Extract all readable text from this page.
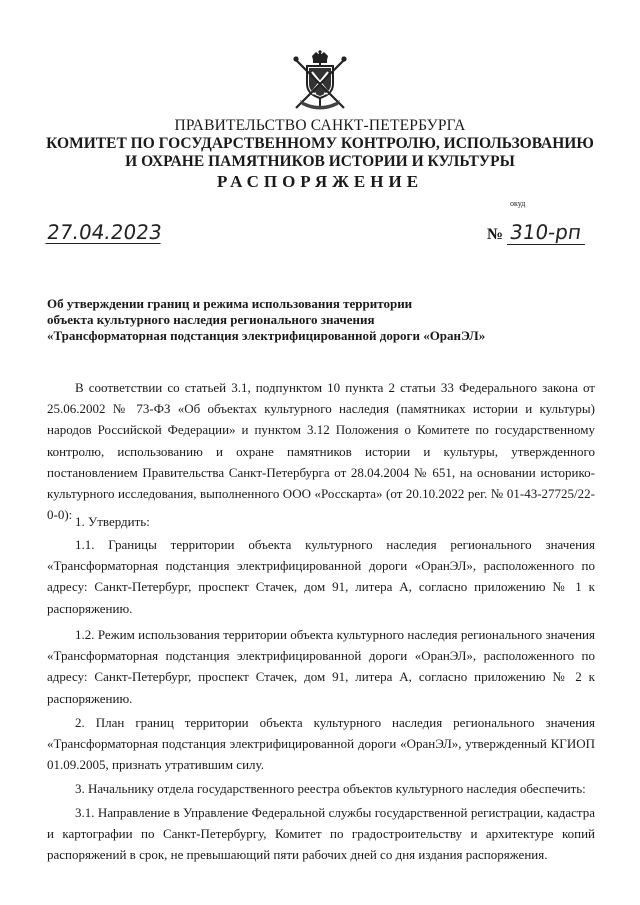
ПРАВИТЕЛЬСТВО САНКТ-ПЕТЕРБУРГА
КОМИТЕТ ПО ГОСУДАРСТВЕННОМУ КОНТРОЛЮ, ИСПОЛЬЗОВАНИЮ
И ОХРАНЕ ПАМЯТНИКОВ ИСТОРИИ И КУЛЬТУРЫ
РАСПОРЯЖЕНИЕ
окуд
27.04.2023	№ 310-рп
Об утверждении границ и режима использования территории
объекта культурного наследия регионального значения
«Трансформаторная подстанция электрифицированной дороги «ОранЭЛ»

В соответствии со статьей 3.1, подпунктом 10 пункта 2 статьи 33 Федерального закона от 25.06.2002 № 73-ФЗ «Об объектах культурного наследия (памятниках истории и культуры) народов Российской Федерации» и пунктом 3.12 Положения о Комитете по государственному контролю, использованию и охране памятников истории и культуры, утвержденного постановлением Правительства Санкт-Петербурга от 28.04.2004 № 651, на основании историко-культурного исследования, выполненного ООО «Росскарта» (от 20.10.2022 рег. № 01-43-27725/22-0-0): 1. Утвердить:

1.1. Границы территории объекта культурного наследия регионального значения «Трансформаторная подстанция электрифицированной дороги «ОранЭЛ», расположенного по адресу: Санкт-Петербург, проспект Стачек, дом 91, литера А, согласно приложению № 1 к распоряжению.

1.2. Режим использования территории объекта культурного наследия регионального значения «Трансформаторная подстанция электрифицированной дороги «ОранЭЛ», расположенного по адресу: Санкт-Петербург, проспект Стачек, дом 91, литера А, согласно приложению № 2 к распоряжению.

2. План границ территории объекта культурного наследия регионального значения «Трансформаторная подстанция электрифицированной дороги «ОранЭЛ», утвержденный КГИОП 01.09.2005, признать утратившим силу.

3. Начальнику отдела государственного реестра объектов культурного наследия обеспечить:

3.1. Направление в Управление Федеральной службы государственной регистрации, кадастра и картографии по Санкт-Петербургу, Комитет по градостроительству и архитектуре копий распоряжений в срок, не превышающий пяти рабочих дней со дня издания распоряжения.
